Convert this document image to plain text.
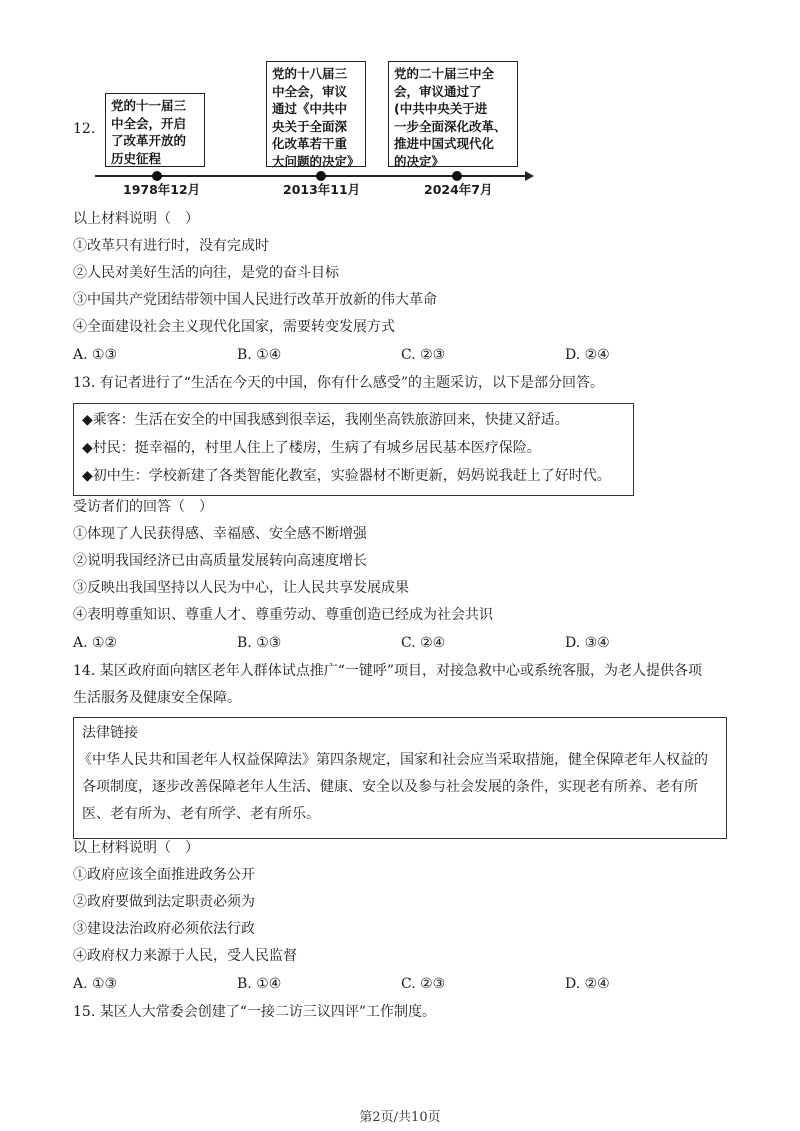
12.
党的十一届三
中全会，开启
了改革开放的
历史征程
党的十八届三
中全会，审议
通过《中共中
央关于全面深
化改革若干重
大问题的决定》
党的二十届三中全
会，审议通过了
(中共中央关于进
一步全面深化改革、
推进中国式现代化
的决定》
1978年12月	2013年11月	2024年7月
以上材料说明（　）
①改革只有进行时，没有完成时
②人民对美好生活的向往，是党的奋斗目标
③中国共产党团结带领中国人民进行改革开放新的伟大革命
④全面建设社会主义现代化国家，需要转变发展方式
A. ①③	B. ①④	C. ②③	D. ②④
13. 有记者进行了“生活在今天的中国，你有什么感受”的主题采访，以下是部分回答。
◆乘客：生活在安全的中国我感到很幸运，我刚坐高铁旅游回来，快捷又舒适。
◆村民：挺幸福的，村里人住上了楼房，生病了有城乡居民基本医疗保险。
◆初中生：学校新建了各类智能化教室，实验器材不断更新，妈妈说我赶上了好时代。
受访者们的回答（　）
①体现了人民获得感、幸福感、安全感不断增强
②说明我国经济已由高质量发展转向高速度增长
③反映出我国坚持以人民为中心，让人民共享发展成果
④表明尊重知识、尊重人才、尊重劳动、尊重创造已经成为社会共识
A. ①②	B. ①③	C. ②④	D. ③④
14. 某区政府面向辖区老年人群体试点推广“一键呼”项目，对接急救中心或系统客服，为老人提供各项
生活服务及健康安全保障。
法律链接
《中华人民共和国老年人权益保障法》第四条规定，国家和社会应当采取措施，健全保障老年人权益的
各项制度，逐步改善保障老年人生活、健康、安全以及参与社会发展的条件，实现老有所养、老有所
医、老有所为、老有所学、老有所乐。
以上材料说明（　）
①政府应该全面推进政务公开
②政府要做到法定职责必须为
③建设法治政府必须依法行政
④政府权力来源于人民，受人民监督
A. ①③	B. ①④	C. ②③	D. ②④
15. 某区人大常委会创建了“一接二访三议四评”工作制度。
第2页/共10页
